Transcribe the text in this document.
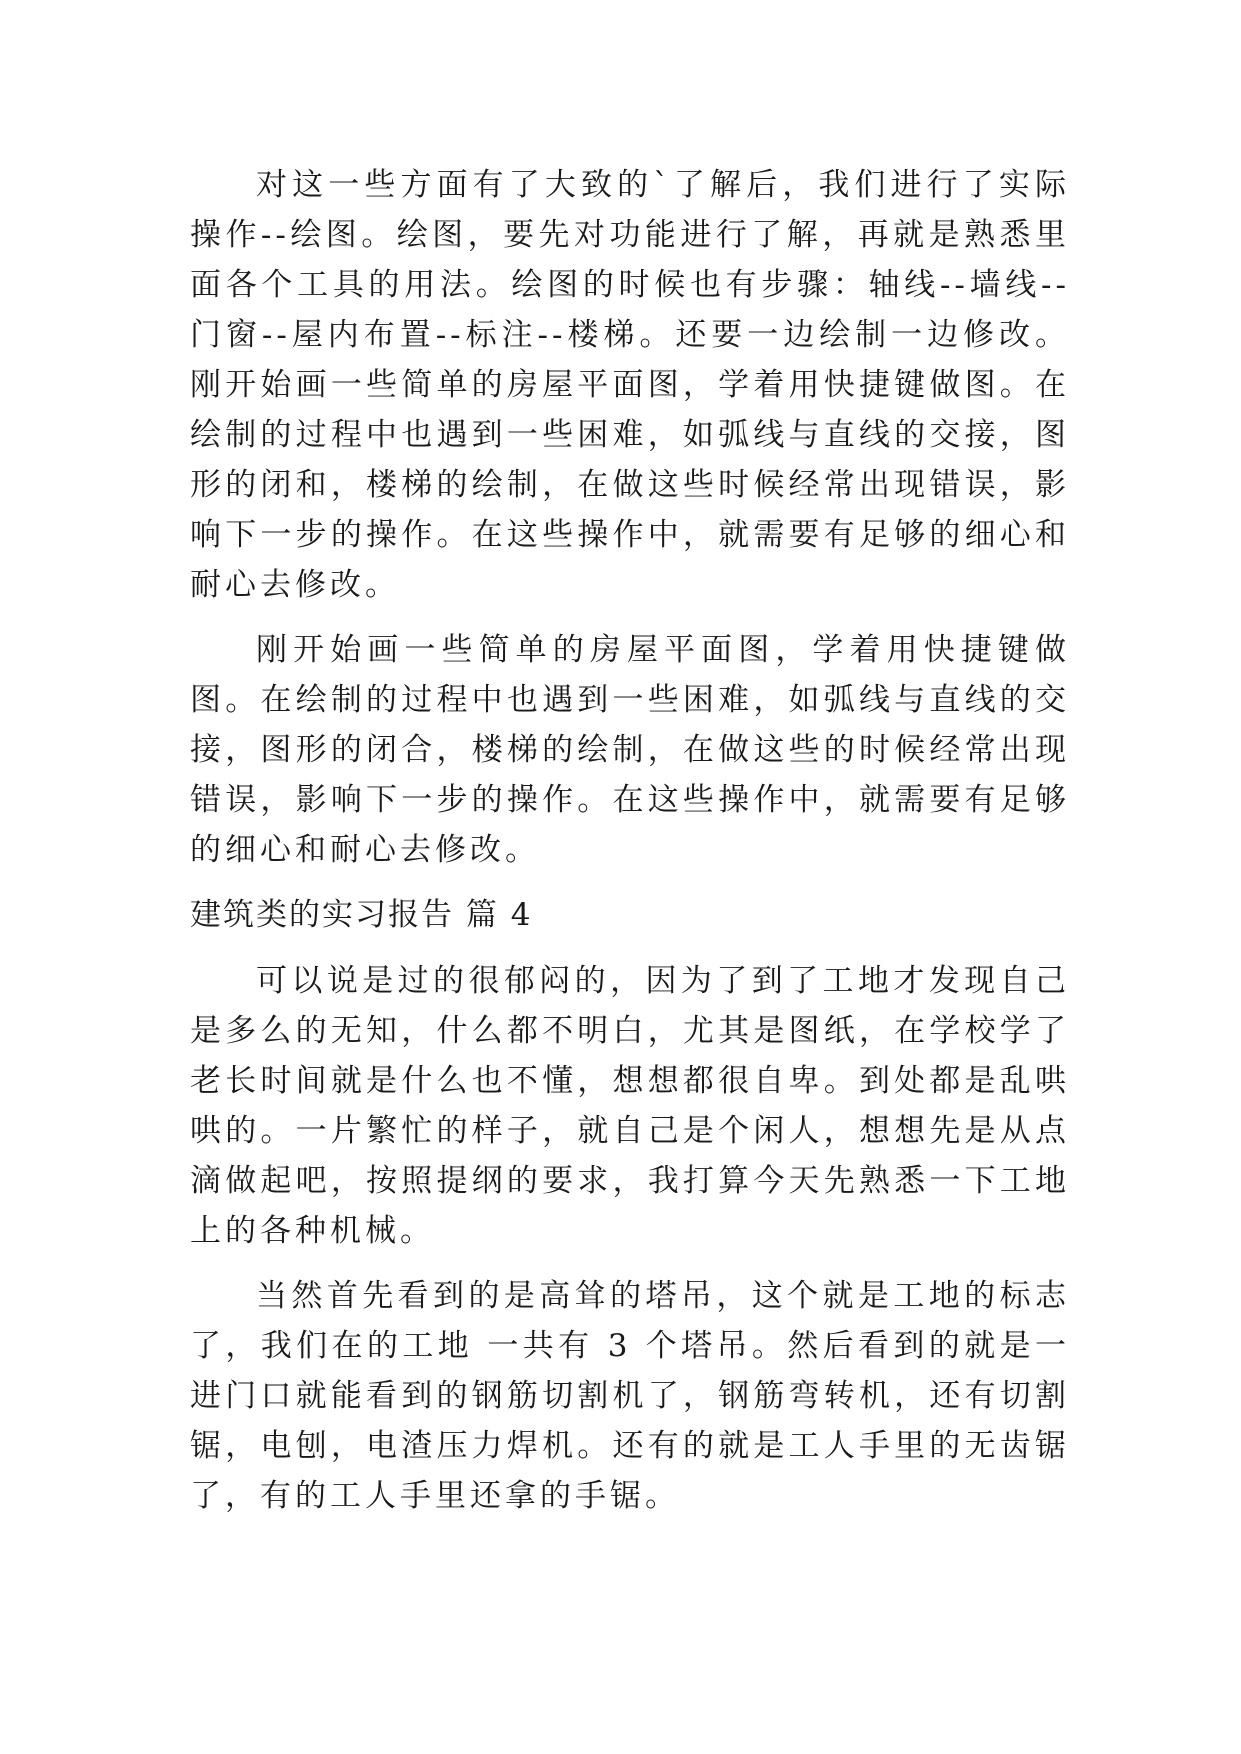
对这一些方面有了大致的`了解后，我们进行了实际操作--绘图。绘图，要先对功能进行了解，再就是熟悉里面各个工具的用法。绘图的时候也有步骤：轴线--墙线--门窗--屋内布置--标注--楼梯。还要一边绘制一边修改。刚开始画一些简单的房屋平面图，学着用快捷键做图。在绘制的过程中也遇到一些困难，如弧线与直线的交接，图形的闭和，楼梯的绘制，在做这些时候经常出现错误，影响下一步的操作。在这些操作中，就需要有足够的细心和耐心去修改。

刚开始画一些简单的房屋平面图，学着用快捷键做图。在绘制的过程中也遇到一些困难，如弧线与直线的交接，图形的闭合，楼梯的绘制，在做这些的时候经常出现错误，影响下一步的操作。在这些操作中，就需要有足够的细心和耐心去修改。

建筑类的实习报告 篇 4

可以说是过的很郁闷的，因为了到了工地才发现自己是多么的无知，什么都不明白，尤其是图纸，在学校学了老长时间就是什么也不懂，想想都很自卑。到处都是乱哄哄的。一片繁忙的样子，就自己是个闲人，想想先是从点滴做起吧，按照提纲的要求，我打算今天先熟悉一下工地上的各种机械。

当然首先看到的是高耸的塔吊，这个就是工地的标志了，我们在的工地 一共有 3 个塔吊。然后看到的就是一进门口就能看到的钢筋切割机了，钢筋弯转机，还有切割锯，电刨，电渣压力焊机。还有的就是工人手里的无齿锯了，有的工人手里还拿的手锯。
